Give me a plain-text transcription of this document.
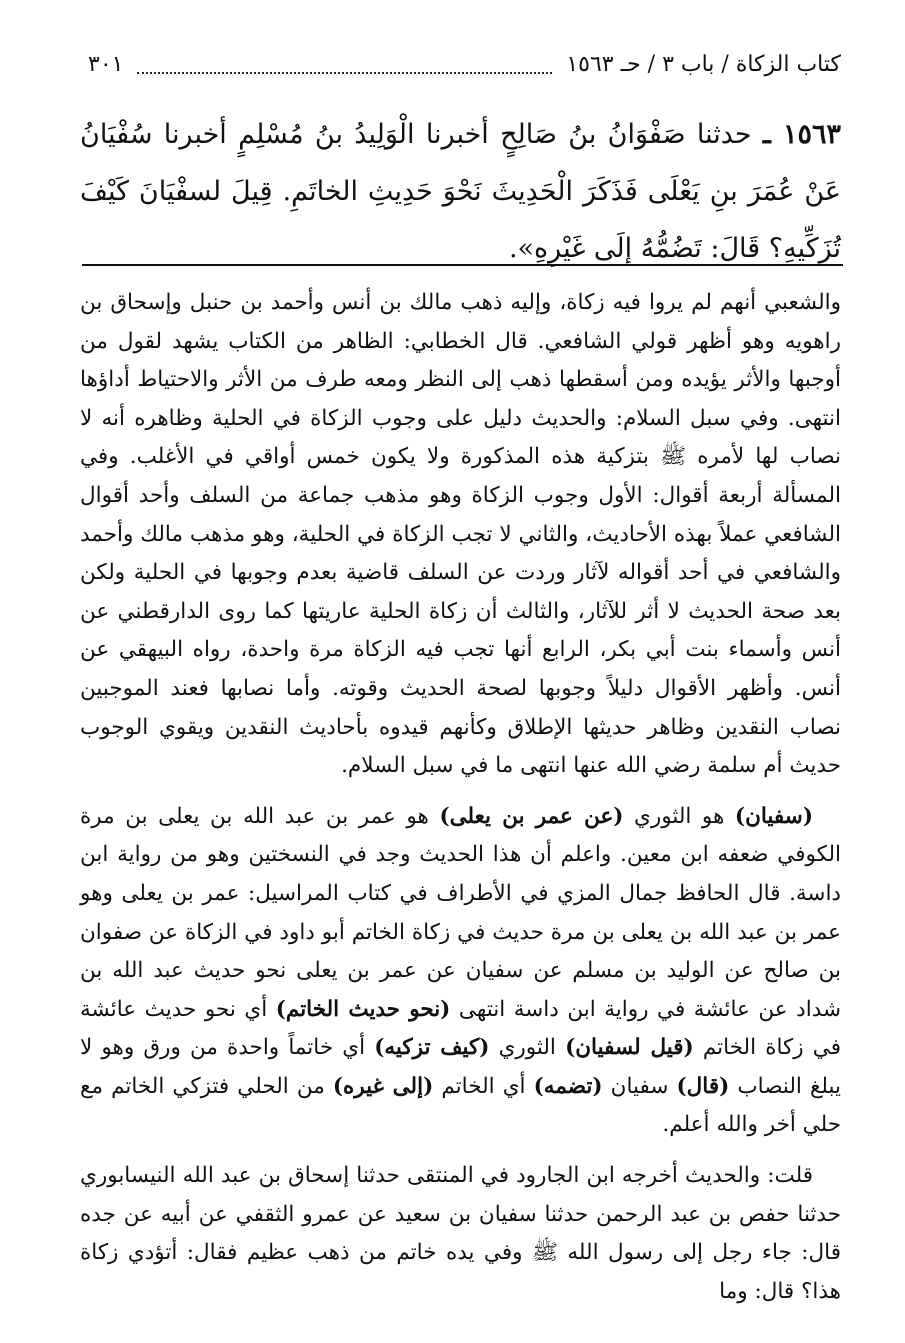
كتاب الزكاة / باب ٣ / حـ ١٥٦٣
٣٠١
١٥٦٣ ـ حدثنا صَفْوَانُ بنُ صَالِحٍ أخبرنا الْوَلِيدُ بنُ مُسْلِمٍ أخبرنا سُفْيَانُ عَنْ عُمَرَ بنِ يَعْلَى فَذَكَرَ الْحَدِيثَ نَحْوَ حَدِيثِ الخاتَمِ. قِيلَ لسفْيَانَ كَيْفَ تُزَكِّيهِ؟ قَالَ: تَضُمُّهُ إلَى غَيْرِهِ».

والشعبي أنهم لم يروا فيه زكاة، وإليه ذهب مالك بن أنس وأحمد بن حنبل وإسحاق بن راهويه وهو أظهر قولي الشافعي. قال الخطابي: الظاهر من الكتاب يشهد لقول من أوجبها والأثر يؤيده ومن أسقطها ذهب إلى النظر ومعه طرف من الأثر والاحتياط أداؤها انتهى. وفي سبل السلام: والحديث دليل على وجوب الزكاة في الحلية وظاهره أنه لا نصاب لها لأمره ﷺ بتزكية هذه المذكورة ولا يكون خمس أواقي في الأغلب. وفي المسألة أربعة أقوال: الأول وجوب الزكاة وهو مذهب جماعة من السلف وأحد أقوال الشافعي عملاً بهذه الأحاديث، والثاني لا تجب الزكاة في الحلية، وهو مذهب مالك وأحمد والشافعي في أحد أقواله لآثار وردت عن السلف قاضية بعدم وجوبها في الحلية ولكن بعد صحة الحديث لا أثر للآثار، والثالث أن زكاة الحلية عاريتها كما روى الدارقطني عن أنس وأسماء بنت أبي بكر، الرابع أنها تجب فيه الزكاة مرة واحدة، رواه البيهقي عن أنس. وأظهر الأقوال دليلاً وجوبها لصحة الحديث وقوته. وأما نصابها فعند الموجبين نصاب النقدين وظاهر حديثها الإطلاق وكأنهم قيدوه بأحاديث النقدين ويقوي الوجوب حديث أم سلمة رضي الله عنها انتهى ما في سبل السلام.

(سفيان) هو الثوري (عن عمر بن يعلى) هو عمر بن عبد الله بن يعلى بن مرة الكوفي ضعفه ابن معين. واعلم أن هذا الحديث وجد في النسختين وهو من رواية ابن داسة. قال الحافظ جمال المزي في الأطراف في كتاب المراسيل: عمر بن يعلى وهو عمر بن عبد الله بن يعلى بن مرة حديث في زكاة الخاتم أبو داود في الزكاة عن صفوان بن صالح عن الوليد بن مسلم عن سفيان عن عمر بن يعلى نحو حديث عبد الله بن شداد عن عائشة في رواية ابن داسة انتهى (نحو حديث الخاتم) أي نحو حديث عائشة في زكاة الخاتم (قيل لسفيان) الثوري (كيف تزكيه) أي خاتماً واحدة من ورق وهو لا يبلغ النصاب (قال) سفيان (تضمه) أي الخاتم (إلى غيره) من الحلي فتزكي الخاتم مع حلي أخر والله أعلم.

قلت: والحديث أخرجه ابن الجارود في المنتقى حدثنا إسحاق بن عبد الله النيسابوري حدثنا حفص بن عبد الرحمن حدثنا سفيان بن سعيد عن عمرو الثقفي عن أبيه عن جده قال: جاء رجل إلى رسول الله ﷺ وفي يده خاتم من ذهب عظيم فقال: أتؤدي زكاة هذا؟ قال: وما
